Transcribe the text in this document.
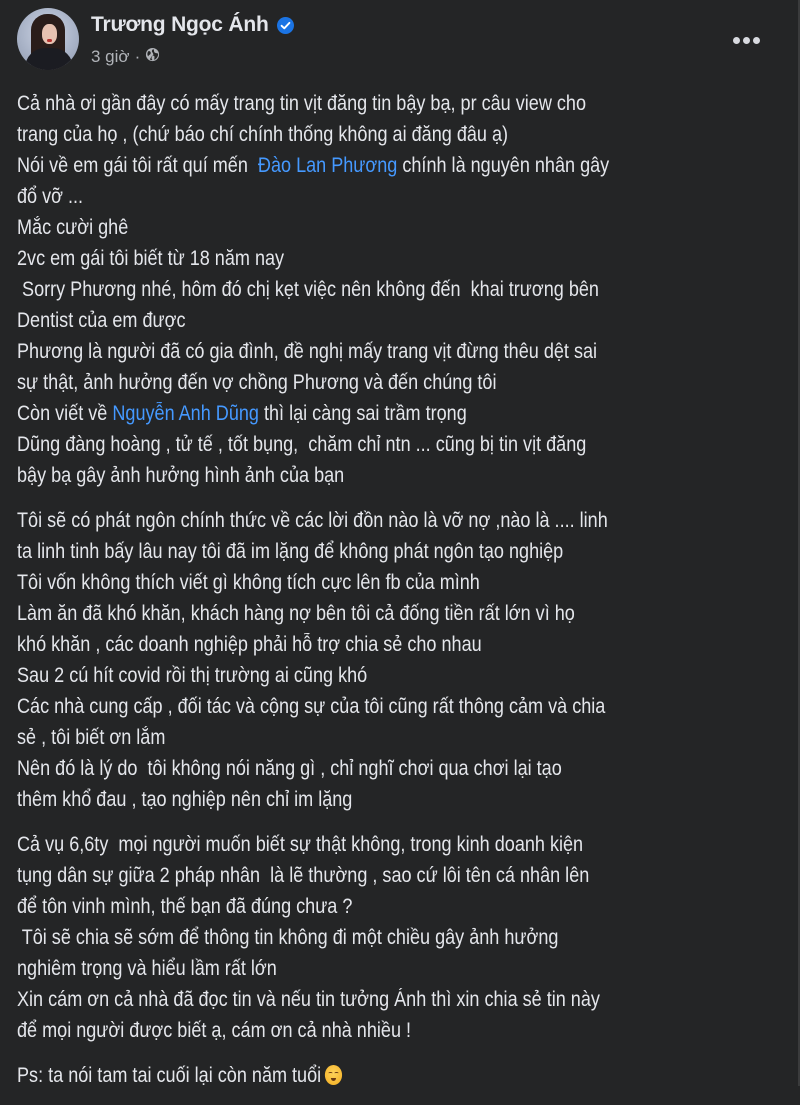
Trương Ngọc Ánh
3 giờ ·
Cả nhà ơi gần đây có mấy trang tin vịt đăng tin bậy bạ, pr câu view cho
trang của họ , (chứ báo chí chính thống không ai đăng đâu ạ)
Nói về em gái tôi rất quí mến  Đào Lan Phương chính là nguyên nhân gây
đổ vỡ ...
Mắc cười ghê
2vc em gái tôi biết từ 18 năm nay
Sorry Phương nhé, hôm đó chị kẹt việc nên không đến  khai trương bên
Dentist của em được
Phương là người đã có gia đình, đề nghị mấy trang vịt đừng thêu dệt sai
sự thật, ảnh hưởng đến vợ chồng Phương và đến chúng tôi
Còn viết về Nguyễn Anh Dũng thì lại càng sai trầm trọng
Dũng đàng hoàng , tử tế , tốt bụng,  chăm chỉ ntn ... cũng bị tin vịt đăng
bậy bạ gây ảnh hưởng hình ảnh của bạn
Tôi sẽ có phát ngôn chính thức về các lời đồn nào là vỡ nợ ,nào là .... linh
ta linh tinh bấy lâu nay tôi đã im lặng để không phát ngôn tạo nghiệp
Tôi vốn không thích viết gì không tích cực lên fb của mình
Làm ăn đã khó khăn, khách hàng nợ bên tôi cả đống tiền rất lớn vì họ
khó khăn , các doanh nghiệp phải hỗ trợ chia sẻ cho nhau
Sau 2 cú hít covid rồi thị trường ai cũng khó
Các nhà cung cấp , đối tác và cộng sự của tôi cũng rất thông cảm và chia
sẻ , tôi biết ơn lắm
Nên đó là lý do  tôi không nói năng gì , chỉ nghĩ chơi qua chơi lại tạo
thêm khổ đau , tạo nghiệp nên chỉ im lặng
Cả vụ 6,6ty  mọi người muốn biết sự thật không, trong kinh doanh kiện
tụng dân sự giữa 2 pháp nhân  là lẽ thường , sao cứ lôi tên cá nhân lên
để tôn vinh mình, thế bạn đã đúng chưa ?
Tôi sẽ chia sẽ sớm để thông tin không đi một chiều gây ảnh hưởng
nghiêm trọng và hiểu lầm rất lớn
Xin cám ơn cả nhà đã đọc tin và nếu tin tưởng Ánh thì xin chia sẻ tin này
để mọi người được biết ạ, cám ơn cả nhà nhiều !
Ps: ta nói tam tai cuối lại còn năm tuổi
